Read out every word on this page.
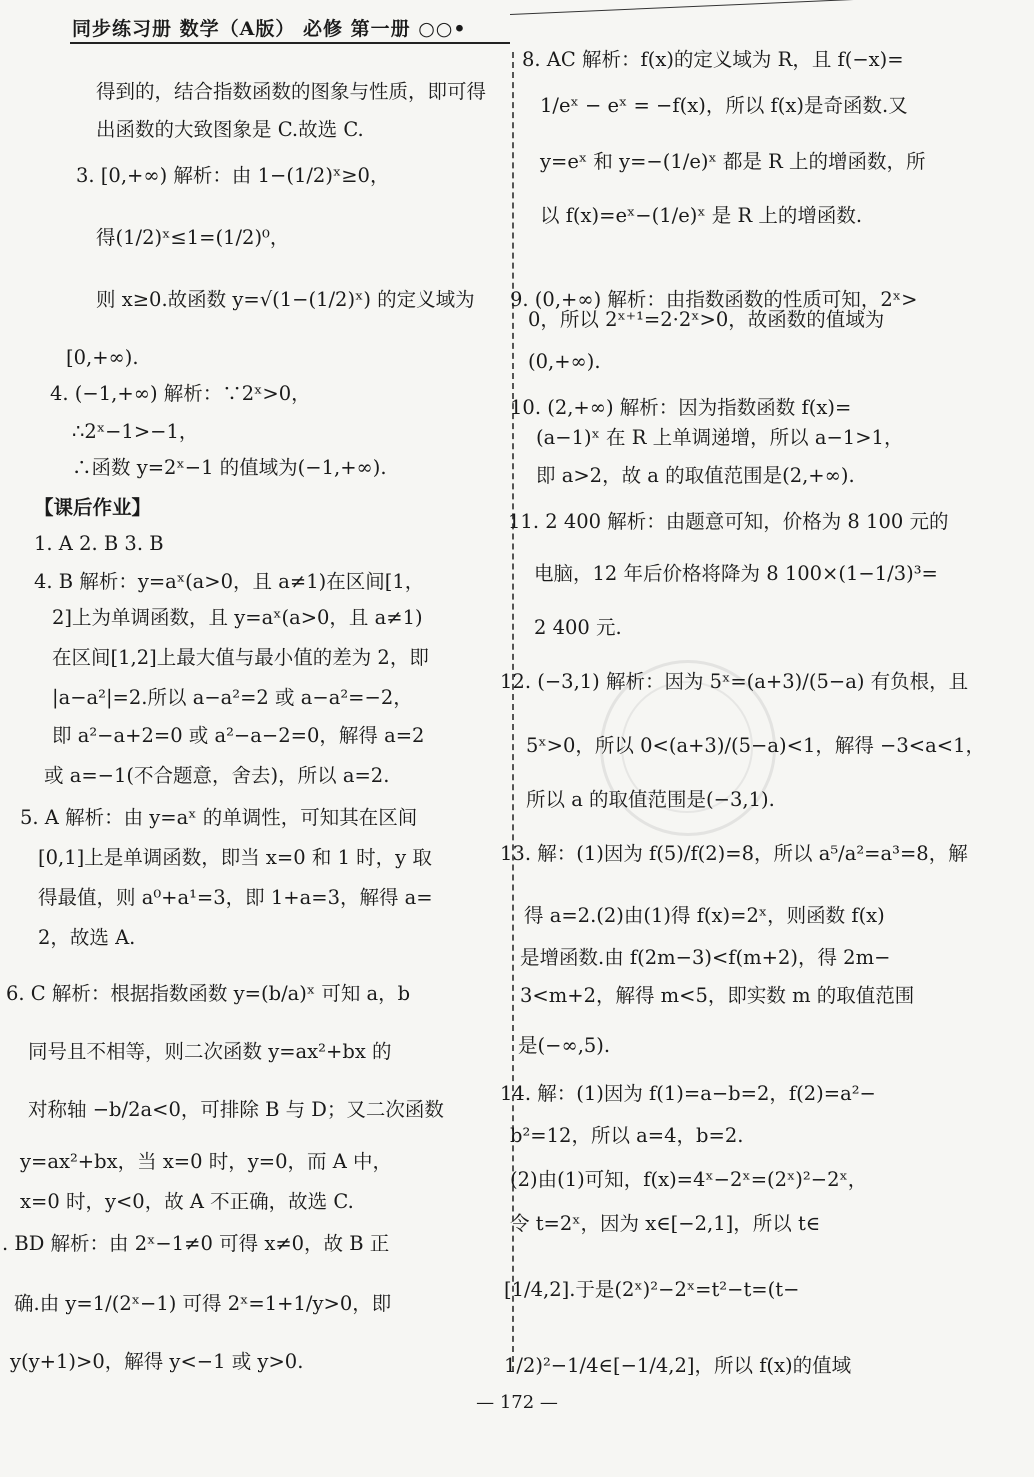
同步练习册 数学（A版） 必修 第一册 ○○•
得到的，结合指数函数的图象与性质，即可得
出函数的大致图象是 C.故选 C.
3. [0,+∞) 解析：由 1−(1/2)ˣ≥0，
得(1/2)ˣ≤1=(1/2)⁰，
则 x≥0.故函数 y=√(1−(1/2)ˣ) 的定义域为
[0,+∞).
4. (−1,+∞) 解析：∵2ˣ>0，
∴2ˣ−1>−1，
∴函数 y=2ˣ−1 的值域为(−1,+∞).
【课后作业】
1. A 2. B 3. B
4. B 解析：y=aˣ(a>0，且 a≠1)在区间[1，
2]上为单调函数，且 y=aˣ(a>0，且 a≠1)
在区间[1,2]上最大值与最小值的差为 2，即
|a−a²|=2.所以 a−a²=2 或 a−a²=−2，
即 a²−a+2=0 或 a²−a−2=0，解得 a=2
或 a=−1(不合题意，舍去)，所以 a=2.
5. A 解析：由 y=aˣ 的单调性，可知其在区间
[0,1]上是单调函数，即当 x=0 和 1 时，y 取
得最值，则 a⁰+a¹=3，即 1+a=3，解得 a=
2，故选 A.
6. C 解析：根据指数函数 y=(b/a)ˣ 可知 a，b
同号且不相等，则二次函数 y=ax²+bx 的
对称轴 −b/2a<0，可排除 B 与 D；又二次函数
y=ax²+bx，当 x=0 时，y=0，而 A 中，
x=0 时，y<0，故 A 不正确，故选 C.
. BD 解析：由 2ˣ−1≠0 可得 x≠0，故 B 正
确.由 y=1/(2ˣ−1) 可得 2ˣ=1+1/y>0，即
y(y+1)>0，解得 y<−1 或 y>0.
8. AC 解析：f(x)的定义域为 R，且 f(−x)=
1/eˣ − eˣ = −f(x)，所以 f(x)是奇函数.又
y=eˣ 和 y=−(1/e)ˣ 都是 R 上的增函数，所
以 f(x)=eˣ−(1/e)ˣ 是 R 上的增函数.
9. (0,+∞) 解析：由指数函数的性质可知，2ˣ>
0，所以 2ˣ⁺¹=2·2ˣ>0，故函数的值域为
(0,+∞).
10. (2,+∞) 解析：因为指数函数 f(x)=
(a−1)ˣ 在 R 上单调递增，所以 a−1>1，
即 a>2，故 a 的取值范围是(2,+∞).
11. 2 400 解析：由题意可知，价格为 8 100 元的
电脑，12 年后价格将降为 8 100×(1−1/3)³=
2 400 元.
12. (−3,1) 解析：因为 5ˣ=(a+3)/(5−a) 有负根，且
5ˣ>0，所以 0<(a+3)/(5−a)<1，解得 −3<a<1，
所以 a 的取值范围是(−3,1).
13. 解：(1)因为 f(5)/f(2)=8，所以 a⁵/a²=a³=8，解
得 a=2.(2)由(1)得 f(x)=2ˣ，则函数 f(x)
是增函数.由 f(2m−3)<f(m+2)，得 2m−
3<m+2，解得 m<5，即实数 m 的取值范围
是(−∞,5).
14. 解：(1)因为 f(1)=a−b=2，f(2)=a²−
b²=12，所以 a=4，b=2.
(2)由(1)可知，f(x)=4ˣ−2ˣ=(2ˣ)²−2ˣ，
令 t=2ˣ，因为 x∈[−2,1]，所以 t∈
[1/4,2].于是(2ˣ)²−2ˣ=t²−t=(t−
1/2)²−1/4∈[−1/4,2]，所以 f(x)的值域
— 172 —
